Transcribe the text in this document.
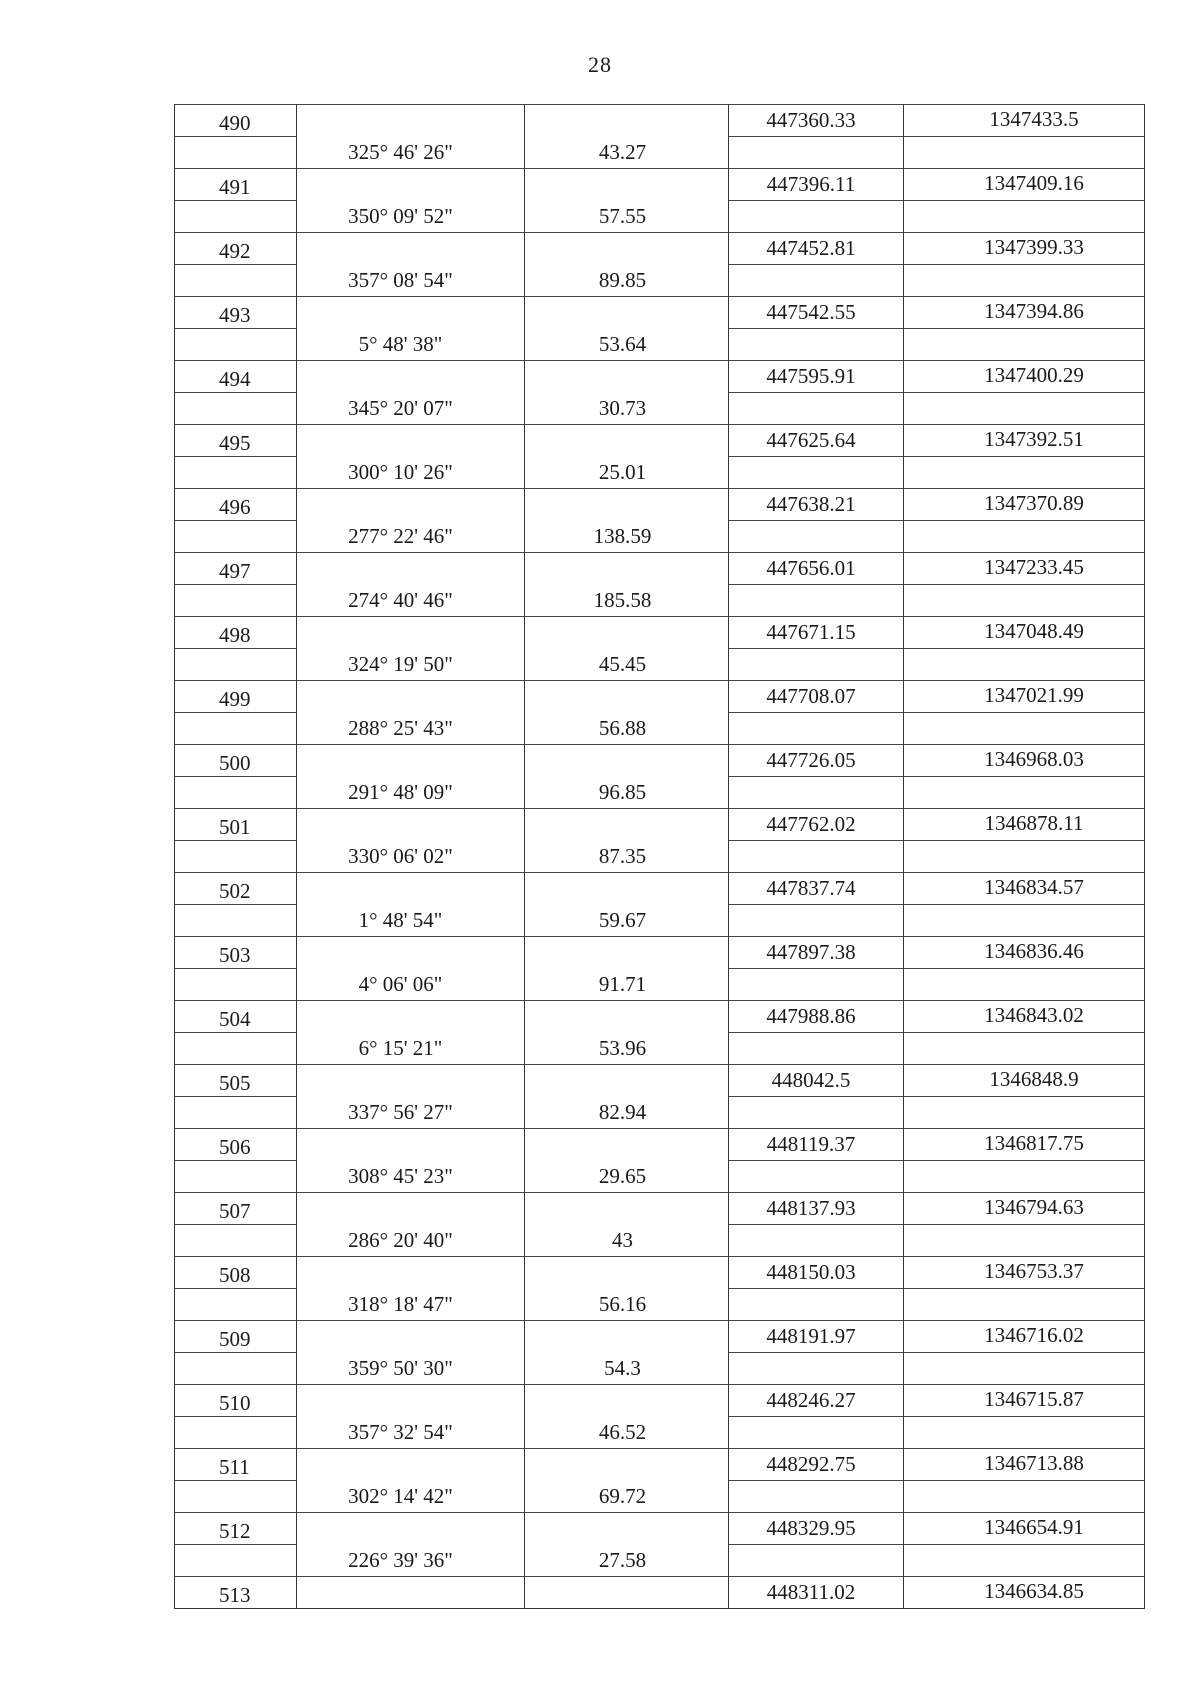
28
490			447360.33	1347433.5
	325° 46' 26"	43.27		
491			447396.11	1347409.16
	350° 09' 52"	57.55		
492			447452.81	1347399.33
	357° 08' 54"	89.85		
493			447542.55	1347394.86
	5° 48' 38"	53.64		
494			447595.91	1347400.29
	345° 20' 07"	30.73		
495			447625.64	1347392.51
	300° 10' 26"	25.01		
496			447638.21	1347370.89
	277° 22' 46"	138.59		
497			447656.01	1347233.45
	274° 40' 46"	185.58		
498			447671.15	1347048.49
	324° 19' 50"	45.45		
499			447708.07	1347021.99
	288° 25' 43"	56.88		
500			447726.05	1346968.03
	291° 48' 09"	96.85		
501			447762.02	1346878.11
	330° 06' 02"	87.35		
502			447837.74	1346834.57
	1° 48' 54"	59.67		
503			447897.38	1346836.46
	4° 06' 06"	91.71		
504			447988.86	1346843.02
	6° 15' 21"	53.96		
505			448042.5	1346848.9
	337° 56' 27"	82.94		
506			448119.37	1346817.75
	308° 45' 23"	29.65		
507			448137.93	1346794.63
	286° 20' 40"	43		
508			448150.03	1346753.37
	318° 18' 47"	56.16		
509			448191.97	1346716.02
	359° 50' 30"	54.3		
510			448246.27	1346715.87
	357° 32' 54"	46.52		
511			448292.75	1346713.88
	302° 14' 42"	69.72		
512			448329.95	1346654.91
	226° 39' 36"	27.58		
513			448311.02	1346634.85
